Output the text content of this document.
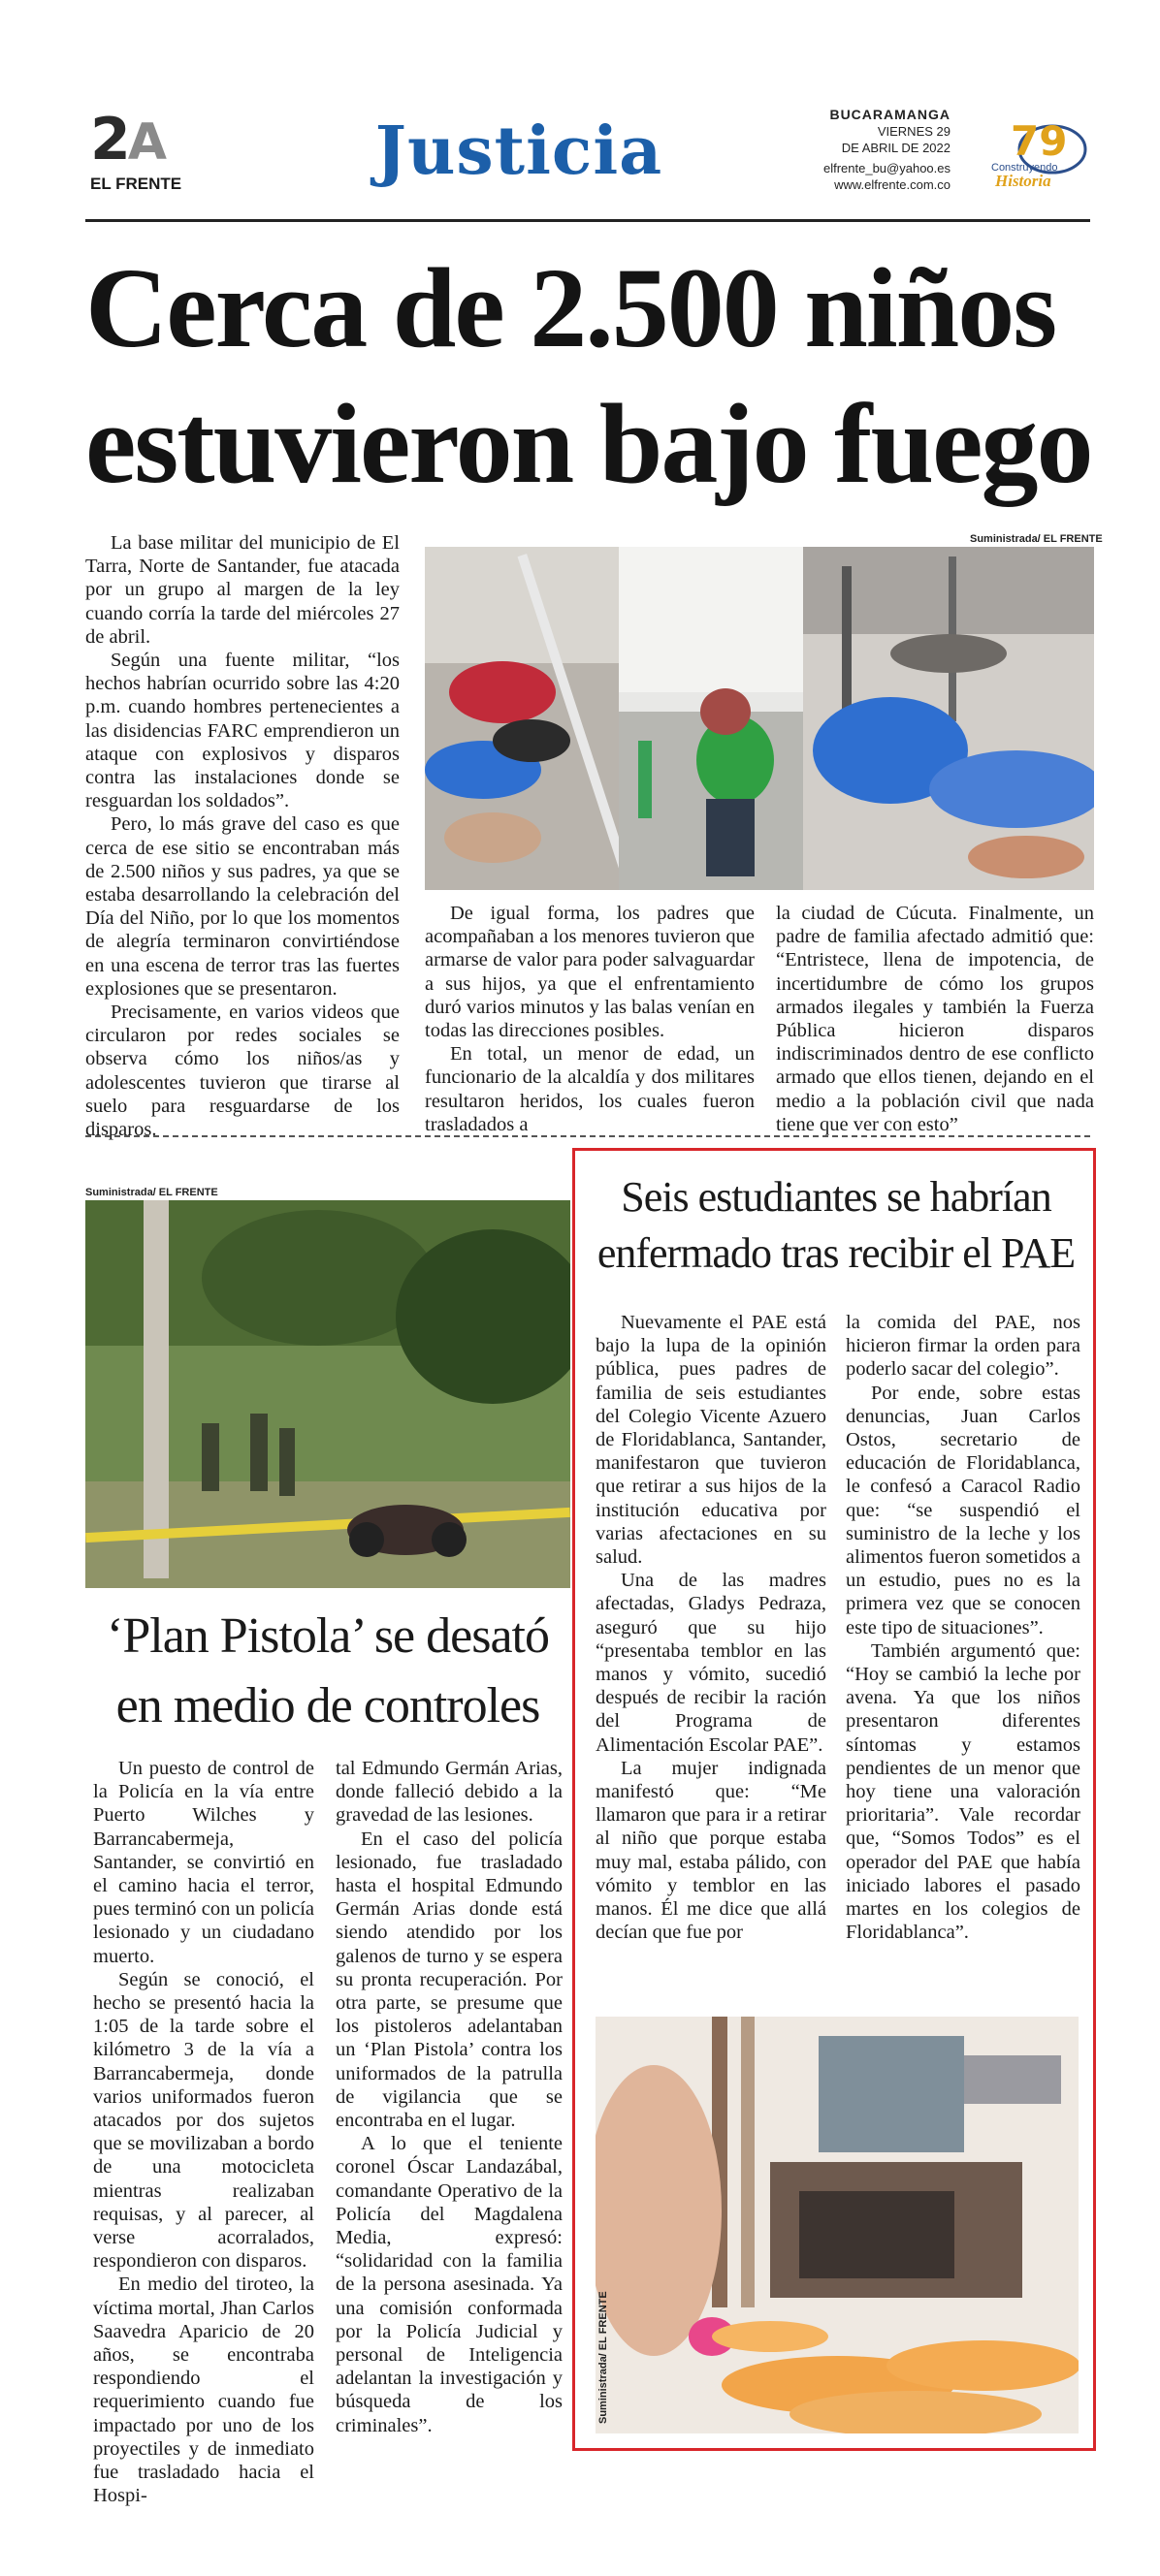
2A
EL FRENTE	Justicia	BUCARAMANGA
VIERNES 29
DE ABRIL DE 2022
elfrente_bu@yahoo.es
www.elfrente.com.co
79
Construyendo
Historia
Cerca de 2.500 niños
estuvieron bajo fuego

La base militar del municipio de El Tarra, Norte de Santander, fue atacada por un grupo al margen de la ley cuando corría la tarde del miércoles 27 de abril.

Según una fuente militar, “los hechos habrían ocurrido sobre las 4:20 p.m. cuando hombres pertenecientes a las disidencias FARC emprendieron un ataque con explosivos y disparos contra las instalaciones donde se resguardan los soldados”.

Pero, lo más grave del caso es que cerca de ese sitio se encontraban más de 2.500 niños y sus padres, ya que se estaba desarrollando la celebración del Día del Niño, por lo que los momentos de alegría terminaron convirtiéndose en una escena de terror tras las fuertes explosiones que se presentaron.

Precisamente, en varios videos que circularon por redes sociales se observa cómo los niños/as y adolescentes tuvieron que tirarse al suelo para resguardarse de los disparos.

Suministrada/ EL FRENTE

De igual forma, los padres que acompañaban a los menores tuvieron que armarse de valor para poder salvaguardar a sus hijos, ya que el enfrentamiento duró varios minutos y las balas venían en todas las direcciones posibles.

En total, un menor de edad, un funcionario de la alcaldía y dos militares resultaron heridos, los cuales fueron trasladados a

la ciudad de Cúcuta. Finalmente, un padre de familia afectado admitió que: “Entristece, llena de impotencia, de incertidumbre de cómo los grupos armados ilegales y también la Fuerza Pública hicieron disparos indiscriminados dentro de ese conflicto armado que ellos tienen, dejando en el medio a la población civil que nada tiene que ver con esto”

Suministrada/ EL FRENTE
‘Plan Pistola’ se desató
en medio de controles

Un puesto de control de la Policía en la vía entre Puerto Wilches y Barrancabermeja, Santander, se convirtió en el camino hacia el terror, pues terminó con un policía lesionado y un ciudadano muerto.

Según se conoció, el hecho se presentó hacia la 1:05 de la tarde sobre el kilómetro 3 de la vía a Barrancabermeja, donde varios uniformados fueron atacados por dos sujetos que se movilizaban a bordo de una motocicleta mientras realizaban requisas, y al parecer, al verse acorralados, respondieron con disparos.

En medio del tiroteo, la víctima mortal, Jhan Carlos Saavedra Aparicio de 20 años, se encontraba respondiendo el requerimiento cuando fue impactado por uno de los proyectiles y de inmediato fue trasladado hacia el Hospi-

tal Edmundo Germán Arias, donde falleció debido a la gravedad de las lesiones.

En el caso del policía lesionado, fue trasladado hasta el hospital Edmundo Germán Arias donde está siendo atendido por los galenos de turno y se espera su pronta recuperación. Por otra parte, se presume que los pistoleros adelantaban un ‘Plan Pistola’ contra los uniformados de la patrulla de vigilancia que se encontraba en el lugar.

A lo que el teniente coronel Óscar Landazábal, comandante Operativo de la Policía del Magdalena Media, expresó: “solidaridad con la familia de la persona asesinada. Ya una comisión conformada por la Policía Judicial y personal de Inteligencia adelantan la investigación y búsqueda de los criminales”.

Seis estudiantes se habrían
enfermado tras recibir el PAE

Nuevamente el PAE está bajo la lupa de la opinión pública, pues padres de familia de seis estudiantes del Colegio Vicente Azuero de Floridablanca, Santander, manifestaron que tuvieron que retirar a sus hijos de la institución educativa por varias afectaciones en su salud.

Una de las madres afectadas, Gladys Pedraza, aseguró que su hijo “presentaba temblor en las manos y vómito, sucedió después de recibir la ración del Programa de Alimentación Escolar PAE”.

La mujer indignada manifestó que: “Me llamaron que para ir a retirar al niño que porque estaba muy mal, estaba pálido, con vómito y temblor en las manos. Él me dice que allá decían que fue por

la comida del PAE, nos hicieron firmar la orden para poderlo sacar del colegio”.

Por ende, sobre estas denuncias, Juan Carlos Ostos, secretario de educación de Floridablanca, le confesó a Caracol Radio que: “se suspendió el suministro de la leche y los alimentos fueron sometidos a un estudio, pues no es la primera vez que se conocen este tipo de situaciones”.

También argumentó que: “Hoy se cambió la leche por avena. Ya que los niños presentaron diferentes síntomas y estamos pendientes de un menor que hoy tiene una valoración prioritaria”. Vale recordar que, “Somos Todos” es el operador del PAE que había iniciado labores el pasado martes en los colegios de Floridablanca”.

Suministrada/ EL FRENTE
